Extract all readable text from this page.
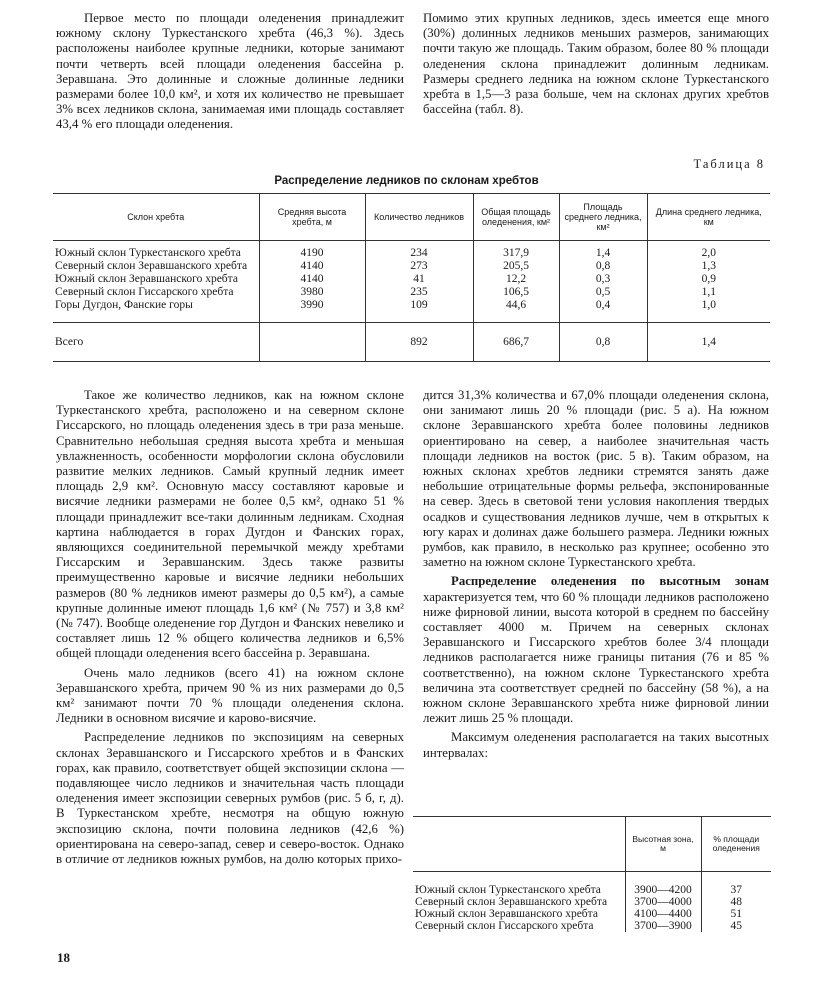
Первое место по площади оледенения принадлежит южному склону Туркестанского хребта (46,3 %). Здесь расположены наиболее крупные ледники, которые занимают почти четверть всей площади оледенения бассейна р. Зеравшана. Это долинные и сложные долинные ледники размерами более 10,0 км², и хотя их количество не превышает 3% всех ледников склона, занимаемая ими площадь составляет 43,4 % его площади оледенения.

Помимо этих крупных ледников, здесь имеется еще много (30%) долинных ледников меньших размеров, занимающих почти такую же площадь. Таким образом, более 80 % площади оледенения склона принадлежит долинным ледникам. Размеры среднего ледника на южном склоне Туркестанского хребта в 1,5—3 раза больше, чем на склонах других хребтов бассейна (табл. 8).

Таблица 8
Распределение ледников по склонам хребтов
Склон хребта	Средняя высота хребта, м	Количество ледников	Общая площадь оледенения, км²	Площадь среднего ледника, км²	Длина среднего ледника, км
Южный склон Туркестанского хребта	4190	234	317,9	1,4	2,0
Северный склон Зеравшанского хребта	4140	273	205,5	0,8	1,3
Южный склон Зеравшанского хребта	4140	41	12,2	0,3	0,9
Северный склон Гиссарского хребта	3980	235	106,5	0,5	1,1
Горы Дугдон, Фанские горы	3990	109	44,6	0,4	1,0

Всего		892	686,7	0,8	1,4

Такое же количество ледников, как на южном склоне Туркестанского хребта, расположено и на северном склоне Гиссарского, но площадь оледенения здесь в три раза меньше. Сравнительно небольшая средняя высота хребта и меньшая увлажненность, особенности морфологии склона обусловили развитие мелких ледников. Самый крупный ледник имеет площадь 2,9 км². Основную массу составляют каровые и висячие ледники размерами не более 0,5 км², однако 51 % площади принадлежит все-таки долинным ледникам. Сходная картина наблюдается в горах Дугдон и Фанских горах, являющихся соединительной перемычкой между хребтами Гиссарским и Зеравшанским. Здесь также развиты преимущественно каровые и висячие ледники небольших размеров (80 % ледников имеют размеры до 0,5 км²), а самые крупные долинные имеют площадь 1,6 км² (№ 757) и 3,8 км² (№ 747). Вообще оледенение гор Дугдон и Фанских невелико и составляет лишь 12 % общего количества ледников и 6,5% общей площади оледенения всего бассейна р. Зеравшана.

Очень мало ледников (всего 41) на южном склоне Зеравшанского хребта, причем 90 % из них размерами до 0,5 км² занимают почти 70 % площади оледенения склона. Ледники в основном висячие и карово-висячие.

Распределение ледников по экспозициям на северных склонах Зеравшанского и Гиссарского хребтов и в Фанских горах, как правило, соответствует общей экспозиции склона — подавляющее число ледников и значительная часть площади оледенения имеет экспозиции северных румбов (рис. 5 б, г, д). В Туркестанском хребте, несмотря на общую южную экспозицию склона, почти половина ледников (42,6 %) ориентирована на северо-запад, север и северо-восток. Однако в отличие от ледников южных румбов, на долю которых прихо-

дится 31,3% количества и 67,0% площади оледенения склона, они занимают лишь 20 % площади (рис. 5 а). На южном склоне Зеравшанского хребта более половины ледников ориентировано на север, а наиболее значительная часть площади ледников на восток (рис. 5 в). Таким образом, на южных склонах хребтов ледники стремятся занять даже небольшие отрицательные формы рельефа, экспонированные на север. Здесь в световой тени условия накопления твердых осадков и существования ледников лучше, чем в открытых к югу карах и долинах даже большего размера. Ледники южных румбов, как правило, в несколько раз крупнее; особенно это заметно на южном склоне Туркестанского хребта.

Распределение оледенения по высотным зонам характеризуется тем, что 60 % площади ледников расположено ниже фирновой линии, высота которой в среднем по бассейну составляет 4000 м. Причем на северных склонах Зеравшанского и Гиссарского хребтов более 3/4 площади ледников располагается ниже границы питания (76 и 85 % соответственно), на южном склоне Туркестанского хребта величина эта соответствует средней по бассейну (58 %), а на южном склоне Зеравшанского хребта ниже фирновой линии лежит лишь 25 % площади.

Максимум оледенения располагается на таких высотных интервалах:

	Высотная зона, м	% площади оледенения
Южный склон Туркестанского хребта	3900—4200	37
Северный склон Зеравшанского хребта	3700—4000	48
Южный склон Зеравшанского хребта	4100—4400	51
Северный склон Гиссарского хребта	3700—3900	45
18
